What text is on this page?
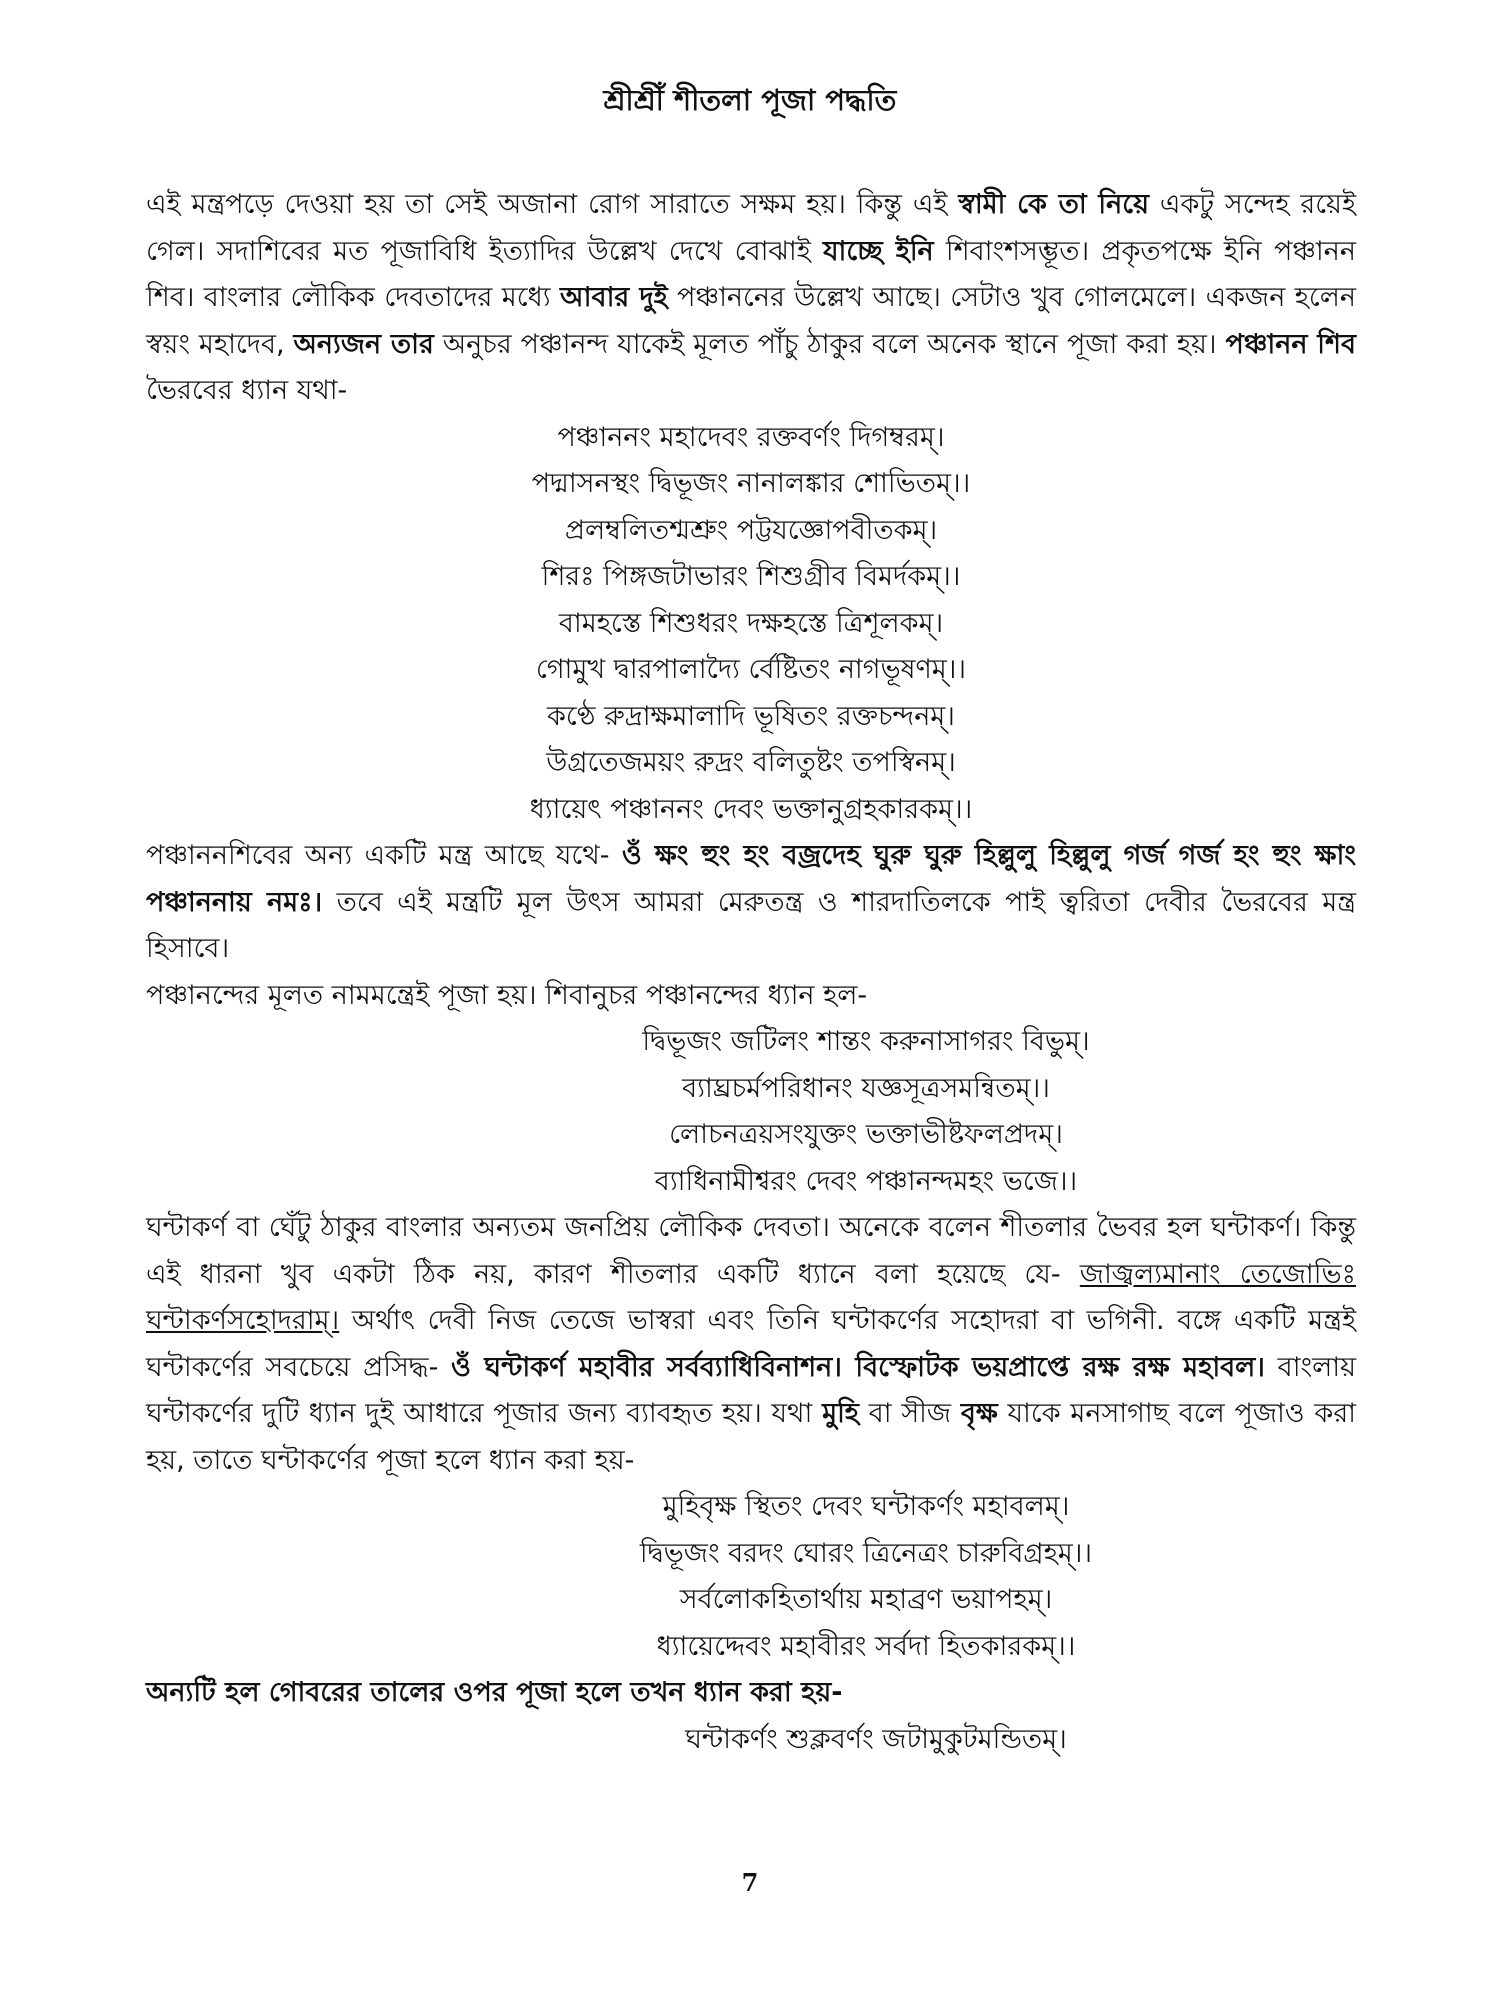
শ্রীশ্রীঁ শীতলা পূজা পদ্ধতি

এই মন্ত্রপড়ে দেওয়া হয় তা সেই অজানা রোগ সারাতে সক্ষম হয়। কিন্তু এই স্বামী কে তা নিয়ে একটু সন্দেহ রয়েই গেল। সদাশিবের মত পূজাবিধি ইত্যাদির উল্লেখ দেখে বোঝাই যাচ্ছে ইনি শিবাংশসম্ভূত। প্রকৃতপক্ষে ইনি পঞ্চানন শিব। বাংলার লৌকিক দেবতাদের মধ্যে আবার দুই পঞ্চাননের উল্লেখ আছে। সেটাও খুব গোলমেলে। একজন হলেন স্বয়ং মহাদেব, অন্যজন তার অনুচর পঞ্চানন্দ যাকেই মূলত পাঁচু ঠাকুর বলে অনেক স্থানে পূজা করা হয়। পঞ্চানন শিব ভৈরবের ধ্যান যথা-

পঞ্চাননং মহাদেবং রক্তবর্ণং দিগম্বরম্।
পদ্মাসনস্থং দ্বিভূজং নানালঙ্কার শোভিতম্।।
প্রলম্বলিতশ্মশ্রুং পট্টযজ্ঞোপবীতকম্।
শিরঃ পিঙ্গজটাভারং শিশুগ্রীব বিমর্দকম্।।
বামহস্তে শিশুধরং দক্ষহস্তে ত্রিশূলকম্।
গোমুখ দ্বারপালাদ্যৈ র্বেষ্টিতং নাগভূষণম্।।
কণ্ঠে রুদ্রাক্ষমালাদি ভূষিতং রক্তচন্দনম্।
উগ্রতেজময়ং রুদ্রং বলিতুষ্টং তপস্বিনম্।
ধ্যায়েৎ পঞ্চাননং দেবং ভক্তানুগ্রহকারকম্।।

পঞ্চাননশিবের অন্য একটি মন্ত্র আছে যথে- ওঁ ক্ষং হুং হং বজ্রদেহ ঘুরু ঘুরু হিল্লুলু হিল্লুলু গর্জ গর্জ হং হুং ক্ষাং পঞ্চাননায় নমঃ। তবে এই মন্ত্রটি মূল উৎস আমরা মেরুতন্ত্র ও শারদাতিলকে পাই ত্বরিতা দেবীর ভৈরবের মন্ত্র হিসাবে।

পঞ্চানন্দের মূলত নামমন্ত্রেই পূজা হয়। শিবানুচর পঞ্চানন্দের ধ্যান হল-

দ্বিভূজং জটিলং শান্তং করুনাসাগরং বিভুম্।
ব্যাঘ্রচর্মপরিধানং যজ্ঞসূত্রসমন্বিতম্।।
লোচনত্রয়সংযুক্তং ভক্তাভীষ্টফলপ্রদম্।
ব্যাধিনামীশ্বরং দেবং পঞ্চানন্দমহং ভজে।।

ঘন্টাকর্ণ বা ঘেঁটু ঠাকুর বাংলার অন্যতম জনপ্রিয় লৌকিক দেবতা। অনেকে বলেন শীতলার ভৈবর হল ঘন্টাকর্ণ। কিন্তু এই ধারনা খুব একটা ঠিক নয়, কারণ শীতলার একটি ধ্যানে বলা হয়েছে যে- জাজ্বল্যমানাং তেজোভিঃ ঘন্টাকর্ণসহোদরাম্। অর্থাৎ দেবী নিজ তেজে ভাস্বরা এবং তিনি ঘন্টাকর্ণের সহোদরা বা ভগিনী. বঙ্গে একটি মন্ত্রই ঘন্টাকর্ণের সবচেয়ে প্রসিদ্ধ- ওঁ ঘন্টাকর্ণ মহাবীর সর্বব্যাধিবিনাশন। বিস্ফোটক ভয়প্রাপ্তে রক্ষ রক্ষ মহাবল। বাংলায় ঘন্টাকর্ণের দুটি ধ্যান দুই আধারে পূজার জন্য ব্যাবহৃত হয়। যথা মুহি বা সীজ বৃক্ষ যাকে মনসাগাছ বলে পূজাও করা হয়, তাতে ঘন্টাকর্ণের পূজা হলে ধ্যান করা হয়-

মুহিবৃক্ষ স্থিতং দেবং ঘন্টাকর্ণং মহাবলম্।
দ্বিভূজং বরদং ঘোরং ত্রিনেত্রং চারুবিগ্রহম্।।
সর্বলোকহিতার্থায় মহাব্রণ ভয়াপহম্।
ধ্যায়েদ্দেবং মহাবীরং সর্বদা হিতকারকম্।।

অন্যটি হল গোবরের তালের ওপর পূজা হলে তখন ধ্যান করা হয়-

ঘন্টাকর্ণং শুক্লবর্ণং জটামুকুটমন্ডিতম্।
7
